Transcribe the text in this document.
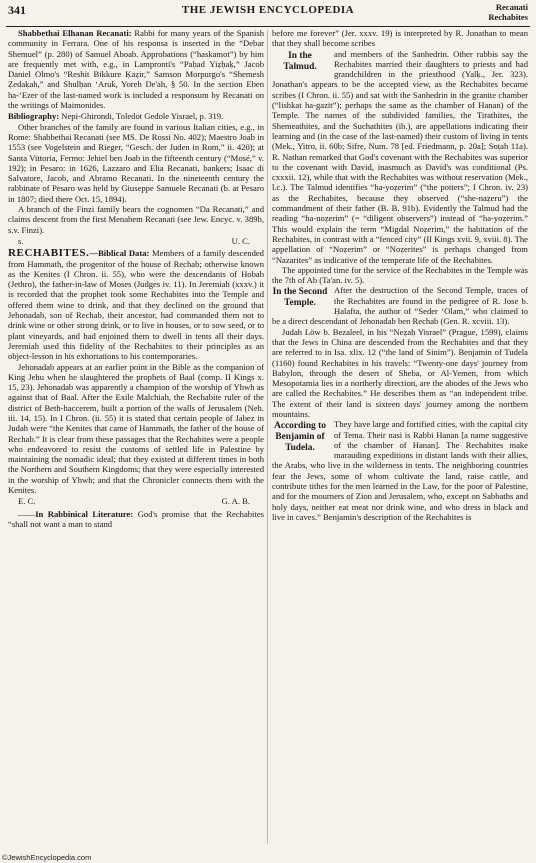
341	THE JEWISH ENCYCLOPEDIA	Recanati
Rechabites

Shabbethai Elhanan Recanati: Rabbi for many years of the Spanish community in Ferrara. One of his responsa is inserted in the “Debar Shemuel” (p. 280) of Samuel Aboab. Approbations (“haskamot”) by him are frequently met with, e.g., in Lampronti's “Paḥad Yiẓḥaḳ,” Jacob Daniel Olmo's “Reshit Bikkure Ḳaẓir,” Samson Morpurgo's “Shemesh Ẓedaḳah,” and Shulḥan ‘Aruk, Yoreh De'ah, § 50. In the section Eben ha-‘Ezer of the last-named work is included a responsum by Recanati on the writings of Maimonides.

Bibliography: Nepi-Ghirondi, Toledot Gedole Yisrael, p. 319.

Other branches of the family are found in various Italian cities, e.g., in Rome: Shabbethai Recanati (see MS. De Rossi No. 402); Maestro Joab in 1553 (see Vogelstein and Rieger, “Gesch. der Juden in Rom,” ii. 420); at Santa Vittoria, Fermo: Jehiel ben Joab in the fifteenth century (“Mosé,” v. 192); in Pesaro: in 1626, Lazzaro and Elia Recanati, bankers; Isaac di Salvatore, Jacob, and Abramo Recanati. In the nineteenth century the rabbinate of Pesaro was held by Giuseppe Samuele Recanati (b. at Pesaro in 1807; died there Oct. 15, 1894).

A branch of the Finzi family bears the cognomen “Da Recanati,” and claims descent from the first Menahem Recanati (see Jew. Encyc. v. 389b, s.v. Finzi).

s.	U. C.

RECHABITES.—Biblical Data: Members of a family descended from Hammath, the progenitor of the house of Rechab; otherwise known as the Kenites (I Chron. ii. 55), who were the descendants of Hobab (Jethro), the father-in-law of Moses (Judges iv. 11). In Jeremiah (xxxv.) it is recorded that the prophet took some Rechabites into the Temple and offered them wine to drink, and that they declined on the ground that Jehonadab, son of Rechab, their ancestor, had commanded them not to drink wine or other strong drink, or to live in houses, or to sow seed, or to plant vineyards, and had enjoined them to dwell in tents all their days. Jeremiah used this fidelity of the Rechabites to their principles as an object-lesson in his exhortations to his contemporaries.

Jehonadab appears at an earlier point in the Bible as the companion of King Jehu when he slaughtered the prophets of Baal (comp. II Kings x. 15, 23). Jehonadab was apparently a champion of the worship of Yhwh as against that of Baal. After the Exile Malchiah, the Rechabite ruler of the district of Beth-haccerem, built a portion of the walls of Jerusalem (Neh. iii. 14, 15). In I Chron. (ii. 55) it is stated that certain people of Jabez in Judah were “the Kenites that came of Hammath, the father of the house of Rechab.” It is clear from these passages that the Rechabites were a people who endeavored to resist the customs of settled life in Palestine by maintaining the nomadic ideal; that they existed at different times in both the Northern and Southern Kingdoms; that they were especially interested in the worship of Yhwh; and that the Chronicler connects them with the Kenites.

E. C.	G. A. B.

——In Rabbinical Literature: God's promise that the Rechabites “shall not want a man to stand

before me forever” (Jer. xxxv. 19) is interpreted by R. Jonathan to mean that they shall become scribes

In the Talmud.

and members of the Sanhedrin. Other rabbis say the Rechabites married their daughters to priests and had grandchildren in the priesthood (Yalḳ., Jer. 323). Jonathan's appears to be the accepted view, as the Rechabites became scribes (I Chron. ii. 55) and sat with the Sanhedrin in the granite chamber (“lishkat ha-gazit”); perhaps the same as the chamber of Hanan) of the Temple. The names of the subdivided families, the Tirathites, the Shemeathites, and the Suchathites (ib.), are appellations indicating their learning and (in the case of the last-named) their custom of living in tents (Mek., Yitro, ii. 60b; Sifre, Num. 78 [ed. Friedmann, p. 20a]; Soṭah 11a). R. Nathan remarked that God's covenant with the Rechabites was superior to the covenant with David, inasmuch as David's was conditional (Ps. cxxxii. 12), while that with the Rechabites was without reservation (Mek., l.c.). The Talmud identifies “ha-yoẓerim” (“the potters”; I Chron. iv. 23) as the Rechabites, because they observed (“she-naẓeru”) the commandment of their father (B. B. 91b). Evidently the Talmud had the reading “ha-noẓerim” (= “diligent observers”) instead of “ha-yoẓerim.” This would explain the term “Migdal Noẓerim,” the habitation of the Rechabites, in contrast with a “fenced city” (II Kings xvii. 9, xviii. 8). The appellation of “Noẓerim” or “Noẓerites” is perhaps changed from “Nazarites” as indicative of the temperate life of the Rechabites.

The appointed time for the service of the Rechabites in the Temple was the 7th of Ab (Ta'an. iv. 5).

In the Second Temple.

After the destruction of the Second Temple, traces of the Rechabites are found in the pedigree of R. Jose b. Ḥalafta, the author of “Seder ‘Olam,” who claimed to be a direct descendant of Jehonadab ben Rechab (Gen. R. xcviii. 13).

Judah Löw b. Bezaleel, in his “Neẓaḥ Yisrael” (Prague, 1599), claims that the Jews in China are descended from the Rechabites and that they are referred to in Isa. xlix. 12 (“the land of Sinim”). Benjamin of Tudela (1160) found Rechabites in his travels: “Twenty-one days' journey from Babylon, through the desert of Sheba, or Al-Yemen, from which Mesopotamia lies in a northerly direction, are the abodes of the Jews who are called the Rechabites.” He describes them as “an independent tribe. The extent of their land is sixteen days' journey among the northern mountains.

According to Benjamin of Tudela.

They have large and fortified cities, with the capital city of Tema. Their nasi is Rabbi Hanan [a name suggestive of the chamber of Hanan]. The Rechabites make marauding expeditions in distant lands with their allies, the Arabs, who live in the wilderness in tents. The neighboring countries fear the Jews, some of whom cultivate the land, raise cattle, and contribute tithes for the men learned in the Law, for the poor of Palestine, and for the mourners of Zion and Jerusalem, who, except on Sabbaths and holy days, neither eat meat nor drink wine, and who dress in black and live in caves.” Benjamin's description of the Rechabites is

©JewishEncyclopedia.com
